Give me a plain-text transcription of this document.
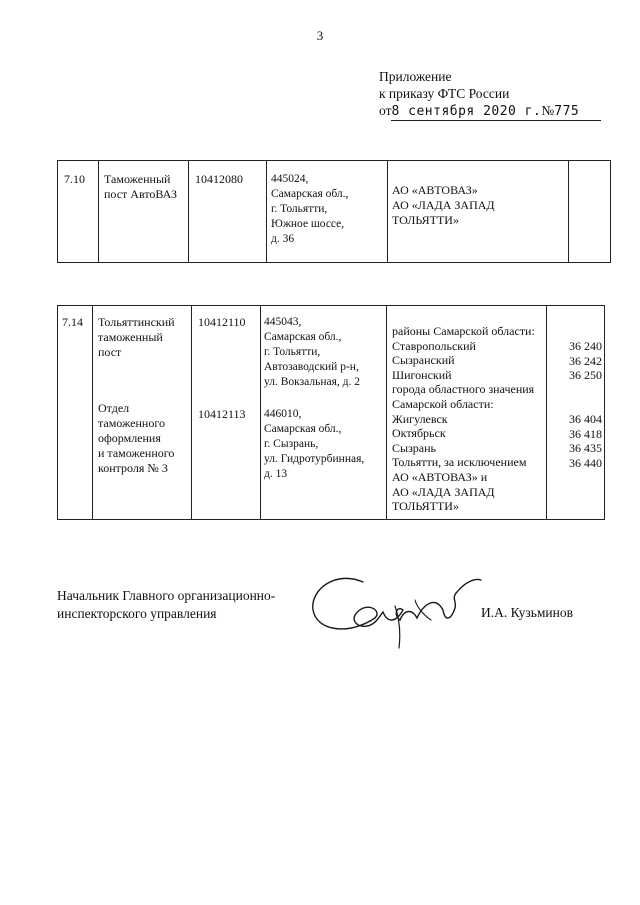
3
Приложение
к приказу ФТС России
от8 сентября 2020 г.№775
7.10 Таможенный
пост АвтоВАЗ
10412080 445024,
Самарская обл.,
г. Тольятти,
Южное шоссе,
д. 36
АО «АВТОВАЗ»
АО «ЛАДА ЗАПАД
ТОЛЬЯТТИ»
7.14 Тольяттинский
таможенный
пост
10412110 445043,
Самарская обл.,
г. Тольятти,
Автозаводский р-н,
ул. Вокзальная, д. 2
Отдел
таможенного
оформления
и таможенного
контроля № 3
10412113 446010,
Самарская обл.,
г. Сызрань,
ул. Гидротурбинная,
д. 13
районы Самарской области:
Ставропольский
Сызранский
Шигонский
города областного значения
Самарской области:
Жигулевск
Октябрьск
Сызрань
Тольятти, за исключением
АО «АВТОВАЗ» и
АО «ЛАДА ЗАПАД
ТОЛЬЯТТИ»
36 240
36 242
36 250
36 404
36 418
36 435
36 440
Начальник Главного организационно-
инспекторского управления	И.А. Кузьминов
